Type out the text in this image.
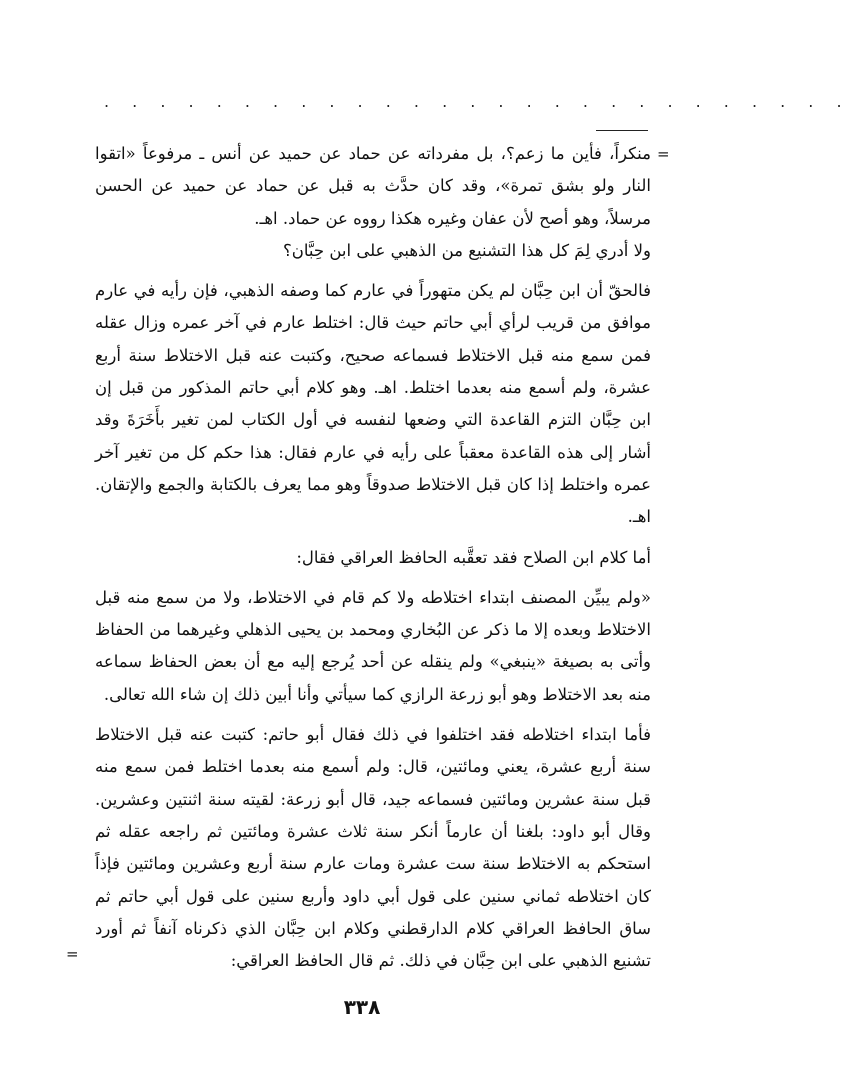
. . . . . . . . . . . . . . . . . . . . . . . . . . .
=

منكراً، فأين ما زعم؟، بل مفرداته عن حماد عن حميد عن أنس ـ مرفوعاً «اتقوا النار ولو بشق تمرة»، وقد كان حدَّث به قبل عن حماد عن حميد عن الحسن مرسلاً، وهو أصح لأن عفان وغيره هكذا رووه عن حماد. اهـ.

ولا أدري لِمَ كل هذا التشنيع من الذهبي على ابن حِبَّان؟

فالحقّ أن ابن حِبَّان لم يكن متهوراً في عارم كما وصفه الذهبي، فإن رأيه في عارم موافق من قريب لرأي أبي حاتم حيث قال: اختلط عارم في آخر عمره وزال عقله فمن سمع منه قبل الاختلاط فسماعه صحيح، وكتبت عنه قبل الاختلاط سنة أربع عشرة، ولم أسمع منه بعدما اختلط. اهـ. وهو كلام أبي حاتم المذكور من قبل إن ابن حِبَّان التزم القاعدة التي وضعها لنفسه في أول الكتاب لمن تغير بأَخَرَةَ وقد أشار إلى هذه القاعدة معقباً على رأيه في عارم فقال: هذا حكم كل من تغير آخر عمره واختلط إذا كان قبل الاختلاط صدوقاً وهو مما يعرف بالكتابة والجمع والإتقان. اهـ.

أما كلام ابن الصلاح فقد تعقَّبه الحافظ العراقي فقال:

«ولم يبيِّن المصنف ابتداء اختلاطه ولا كم قام في الاختلاط، ولا من سمع منه قبل الاختلاط وبعده إلا ما ذكر عن البُخاري ومحمد بن يحيى الذهلي وغيرهما من الحفاظ وأتى به بصيغة «ينبغي» ولم ينقله عن أحد يُرجع إليه مع أن بعض الحفاظ سماعه منه بعد الاختلاط وهو أبو زرعة الرازي كما سيأتي وأنا أبين ذلك إن شاء الله تعالى.

فأما ابتداء اختلاطه فقد اختلفوا في ذلك فقال أبو حاتم: كتبت عنه قبل الاختلاط سنة أربع عشرة، يعني ومائتين، قال: ولم أسمع منه بعدما اختلط فمن سمع منه قبل سنة عشرين ومائتين فسماعه جيد، قال أبو زرعة: لقيته سنة اثنتين وعشرين. وقال أبو داود: بلغنا أن عارماً أنكر سنة ثلاث عشرة ومائتين ثم راجعه عقله ثم استحكم به الاختلاط سنة ست عشرة ومات عارم سنة أربع وعشرين ومائتين فإذاً كان اختلاطه ثماني سنين على قول أبي داود وأربع سنين على قول أبي حاتم ثم ساق الحافظ العراقي كلام الدارقطني وكلام ابن حِبَّان الذي ذكرناه آنفاً ثم أورد تشنيع الذهبي على ابن حِبَّان في ذلك. ثم قال الحافظ العراقي:

=
٣٣٨
